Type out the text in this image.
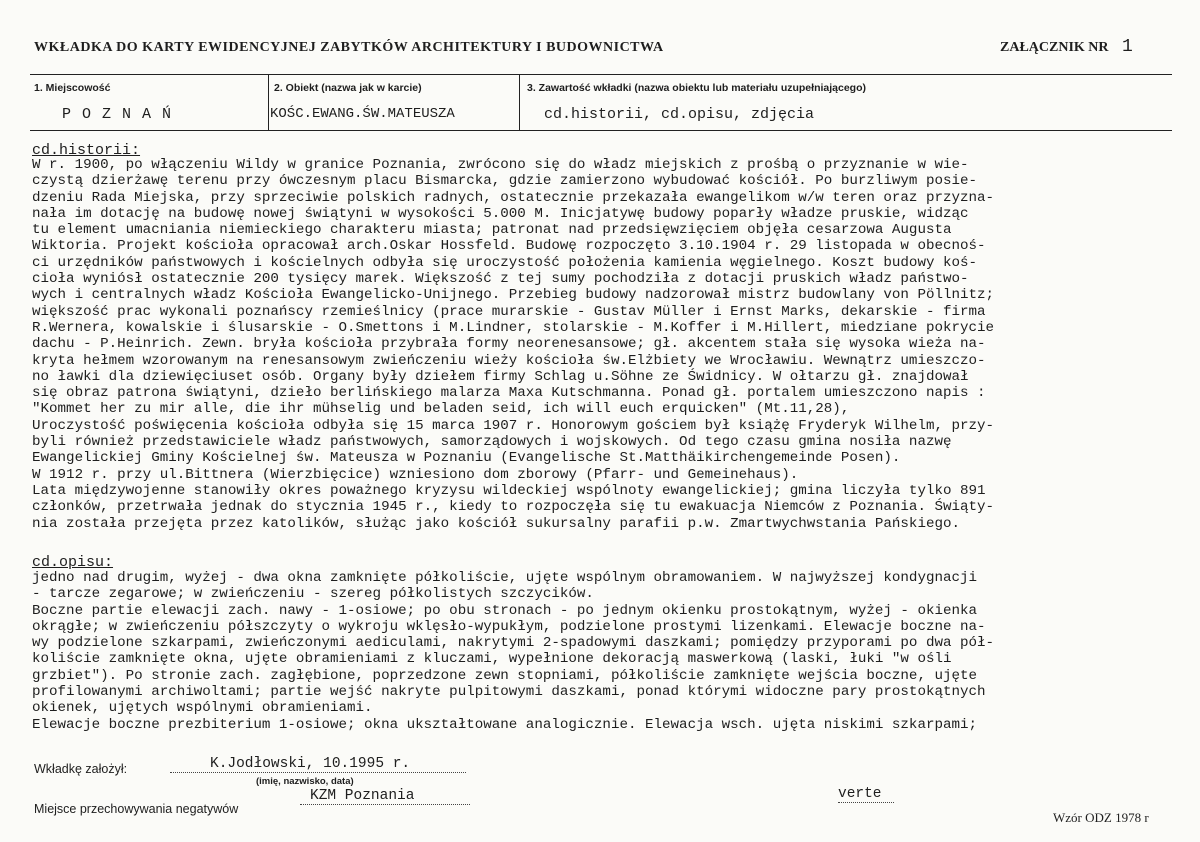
WKŁADKA DO KARTY EWIDENCYJNEJ ZABYTKÓW ARCHITEKTURY I BUDOWNICTWA	ZAŁĄCZNIK NR 1
1. Miejscowość
P O Z N A Ń
2. Obiekt (nazwa jak w karcie)
KOŚC.EWANG.ŚW.MATEUSZA
3. Zawartość wkładki (nazwa obiektu lub materiału uzupełniającego)
cd.historii, cd.opisu, zdjęcia
cd.historii:
W r. 1900, po włączeniu Wildy w granice Poznania, zwrócono się do władz miejskich z prośbą o przyznanie w wie-
czystą dzierżawę terenu przy ówczesnym placu Bismarcka, gdzie zamierzono wybudować kościół. Po burzliwym posie-
dzeniu Rada Miejska, przy sprzeciwie polskich radnych, ostatecznie przekazała ewangelikom w/w teren oraz przyzna-
nała im dotację na budowę nowej świątyni w wysokości 5.000 M. Inicjatywę budowy poparły władze pruskie, widząc
tu element umacniania niemieckiego charakteru miasta; patronat nad przedsięwzięciem objęła cesarzowa Augusta
Wiktoria. Projekt kościoła opracował arch.Oskar Hossfeld. Budowę rozpoczęto 3.10.1904 r. 29 listopada w obecnoś-
ci urzędników państwowych i kościelnych odbyła się uroczystość położenia kamienia węgielnego. Koszt budowy koś-
cioła wyniósł ostatecznie 200 tysięcy marek. Większość z tej sumy pochodziła z dotacji pruskich władz państwo-
wych i centralnych władz Kościoła Ewangelicko-Unijnego. Przebieg budowy nadzorował mistrz budowlany von Pöllnitz;
większość prac wykonali poznańscy rzemieślnicy (prace murarskie - Gustav Müller i Ernst Marks, dekarskie - firma
R.Wernera, kowalskie i ślusarskie - O.Smettons i M.Lindner, stolarskie - M.Koffer i M.Hillert, miedziane pokrycie
dachu - P.Heinrich. Zewn. bryła kościoła przybrała formy neorenesansowe; gł. akcentem stała się wysoka wieża na-
kryta hełmem wzorowanym na renesansowym zwieńczeniu wieży kościoła św.Elżbiety we Wrocławiu. Wewnątrz umieszczo-
no ławki dla dziewięciuset osób. Organy były dziełem firmy Schlag u.Söhne ze Świdnicy. W ołtarzu gł. znajdował
się obraz patrona świątyni, dzieło berlińskiego malarza Maxa Kutschmanna. Ponad gł. portalem umieszczono napis :
"Kommet her zu mir alle, die ihr mühselig und beladen seid, ich will euch erquicken" (Mt.11,28),
Uroczystość poświęcenia kościoła odbyła się 15 marca 1907 r. Honorowym gościem był książę Fryderyk Wilhelm, przy-
byli również przedstawiciele władz państwowych, samorządowych i wojskowych. Od tego czasu gmina nosiła nazwę
Ewangelickiej Gminy Kościelnej św. Mateusza w Poznaniu (Evangelische St.Matthäikirchengemeinde Posen).
W 1912 r. przy ul.Bittnera (Wierzbięcice) wzniesiono dom zborowy (Pfarr- und Gemeinehaus).
Lata międzywojenne stanowiły okres poważnego kryzysu wildeckiej wspólnoty ewangelickiej; gmina liczyła tylko 891
członków, przetrwała jednak do stycznia 1945 r., kiedy to rozpoczęła się tu ewakuacja Niemców z Poznania. Świąty-
nia została przejęta przez katolików, służąc jako kościół sukursalny parafii p.w. Zmartwychwstania Pańskiego.
cd.opisu:
jedno nad drugim, wyżej - dwa okna zamknięte półkoliście, ujęte wspólnym obramowaniem. W najwyższej kondygnacji
- tarcze zegarowe; w zwieńczeniu - szereg półkolistych szczycików.
Boczne partie elewacji zach. nawy - 1-osiowe; po obu stronach - po jednym okienku prostokątnym, wyżej - okienka
okrągłe; w zwieńczeniu półszczyty o wykroju wklęsło-wypukłym, podzielone prostymi lizenkami. Elewacje boczne na-
wy podzielone szkarpami, zwieńczonymi aediculami, nakrytymi 2-spadowymi daszkami; pomiędzy przyporami po dwa pół-
koliście zamknięte okna, ujęte obramieniami z kluczami, wypełnione dekoracją maswerkową (laski, łuki "w ośli
grzbiet"). Po stronie zach. zagłębione, poprzedzone zewn stopniami, półkoliście zamknięte wejścia boczne, ujęte
profilowanymi archiwoltami; partie wejść nakryte pulpitowymi daszkami, ponad którymi widoczne pary prostokątnych
okienek, ujętych wspólnymi obramieniami.
Elewacje boczne prezbiterium 1-osiowe; okna ukształtowane analogicznie. Elewacja wsch. ujęta niskimi szkarpami;
Wkładkę założył:	K.Jodłowski, 10.1995 r.
(imię, nazwisko, data)
Miejsce przechowywania negatywów
KZM Poznania	verte
Wzór ODZ 1978 r
